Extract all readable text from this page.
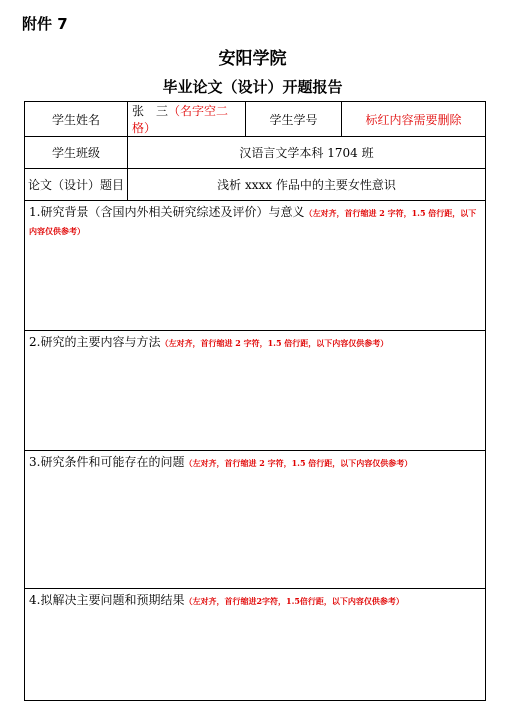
附件 7
安阳学院
毕业论文（设计）开题报告
学生姓名	张　三（名字空二格）	学生学号	标红内容需要删除
学生班级	汉语言文学本科 1704 班		
论文（设计）题目	浅析 xxxx 作品中的主要女性意识		
1.研究背景（含国内外相关研究综述及评价）与意义（左对齐，首行缩进 2 字符，1.5 倍行距，以下内容仅供参考）			
2.研究的主要内容与方法（左对齐，首行缩进 2 字符，1.5 倍行距，以下内容仅供参考）			
3.研究条件和可能存在的问题（左对齐，首行缩进 2 字符，1.5 倍行距，以下内容仅供参考）			
4.拟解决主要问题和预期结果（左对齐，首行缩进2字符，1.5倍行距，以下内容仅供参考）			
